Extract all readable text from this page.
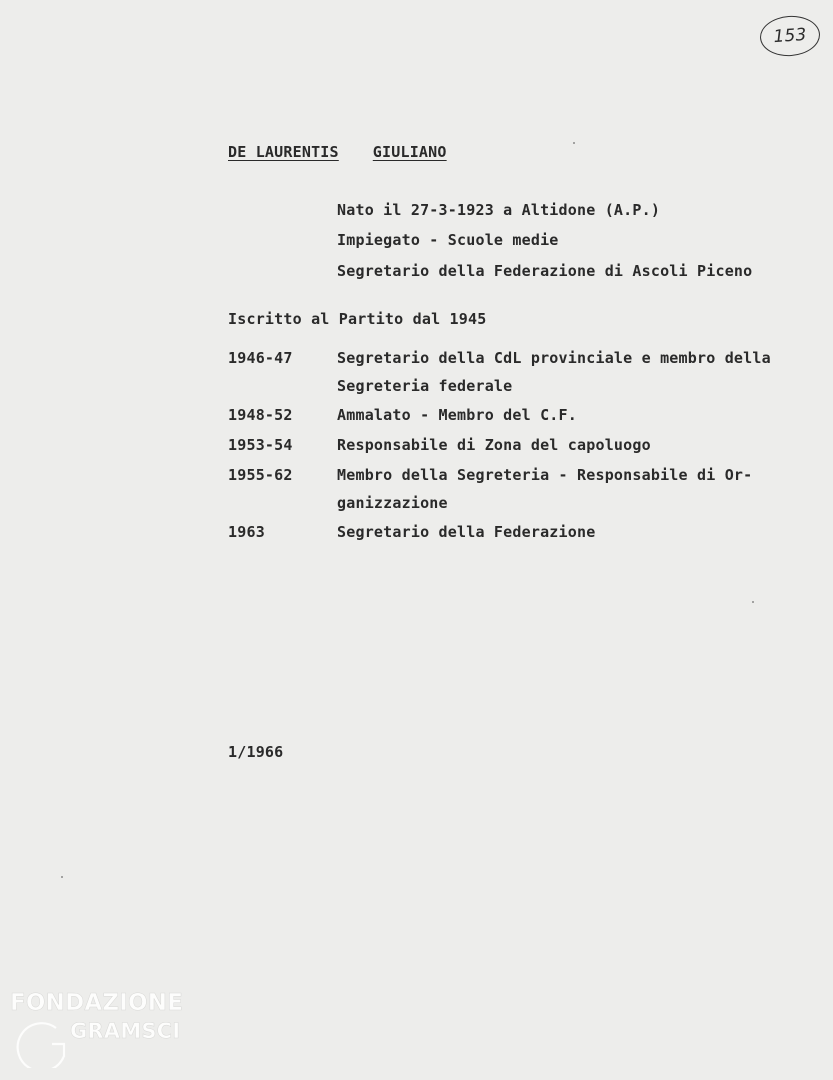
153
DE LAURENTIS GIULIANO
Nato il 27-3-1923 a Altidone (A.P.)
Impiegato - Scuole medie
Segretario della Federazione di Ascoli Piceno
Iscritto al Partito dal 1945
1946-47	Segretario della CdL provinciale e membro della
Segreteria federale
1948-52	Ammalato - Membro del C.F.
1953-54	Responsabile di Zona del capoluogo
1955-62	Membro della Segreteria - Responsabile di Or-
ganizzazione
1963	Segretario della Federazione
1/1966
FONDAZIONE
GRAMSCI
